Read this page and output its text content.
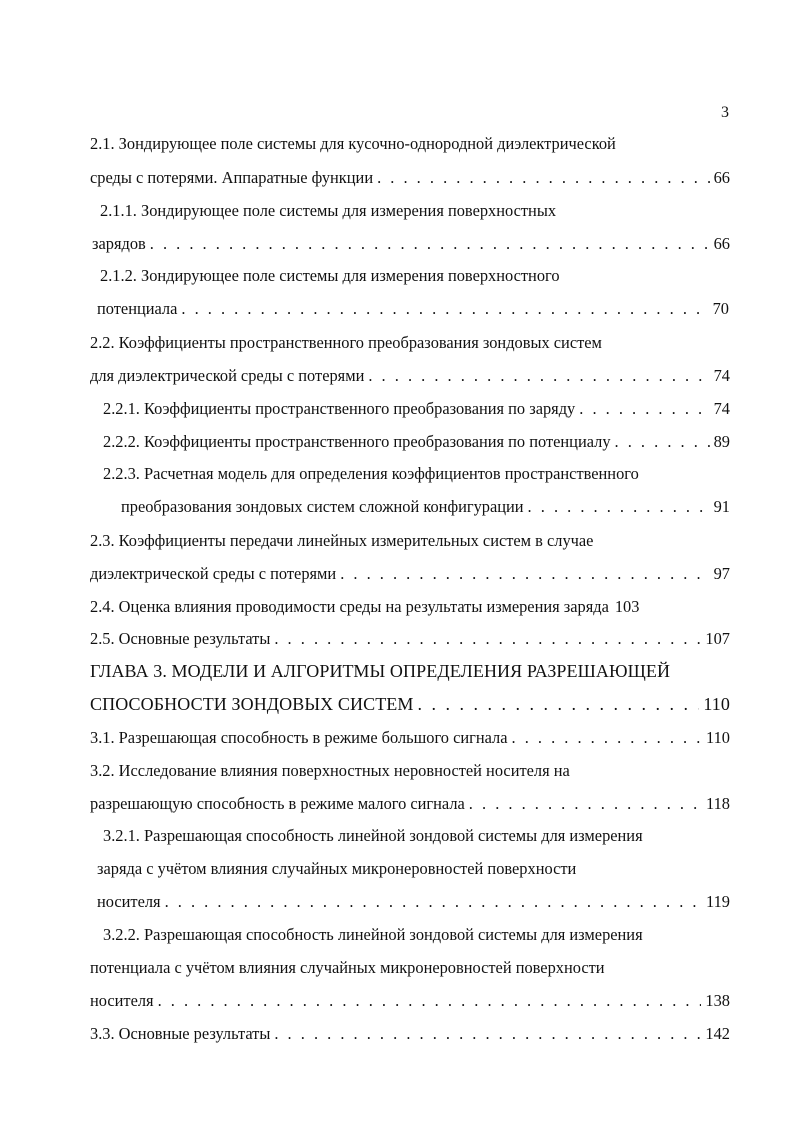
3
2.1. Зондирующее поле системы для кусочно-однородной диэлектрической
среды с потерями. Аппаратные функции . . .	66
2.1.1. Зондирующее поле системы для измерения поверхностных
зарядов . . .	66
2.1.2. Зондирующее поле системы для измерения поверхностного
потенциала . . .	70
2.2. Коэффициенты пространственного преобразования зондовых систем
для диэлектрической среды с потерями . . .	74
2.2.1. Коэффициенты пространственного преобразования по заряду . . .	74
2.2.2. Коэффициенты пространственного преобразования по потенциалу . . .	89
2.2.3. Расчетная модель для определения коэффициентов пространственного
преобразования зондовых систем сложной конфигурации . . .	91
2.3. Коэффициенты передачи линейных измерительных систем в случае
диэлектрической среды с потерями . . .	97
2.4. Оценка влияния проводимости среды на результаты измерения заряда 103
2.5. Основные результаты . . .	107
ГЛАВА 3. МОДЕЛИ И АЛГОРИТМЫ ОПРЕДЕЛЕНИЯ РАЗРЕШАЮЩЕЙ
СПОСОБНОСТИ ЗОНДОВЫХ СИСТЕМ . . .	110
3.1. Разрешающая способность в режиме большого сигнала . . .	110
3.2. Исследование влияния поверхностных неровностей носителя на
разрешающую способность в режиме малого сигнала . . .	118
3.2.1. Разрешающая способность линейной зондовой системы для измерения
заряда с учётом влияния случайных микронеровностей поверхности
носителя . . .	119
3.2.2. Разрешающая способность линейной зондовой системы для измерения
потенциала с учётом влияния случайных микронеровностей поверхности
носителя . . .	138
3.3. Основные результаты . . .	142
